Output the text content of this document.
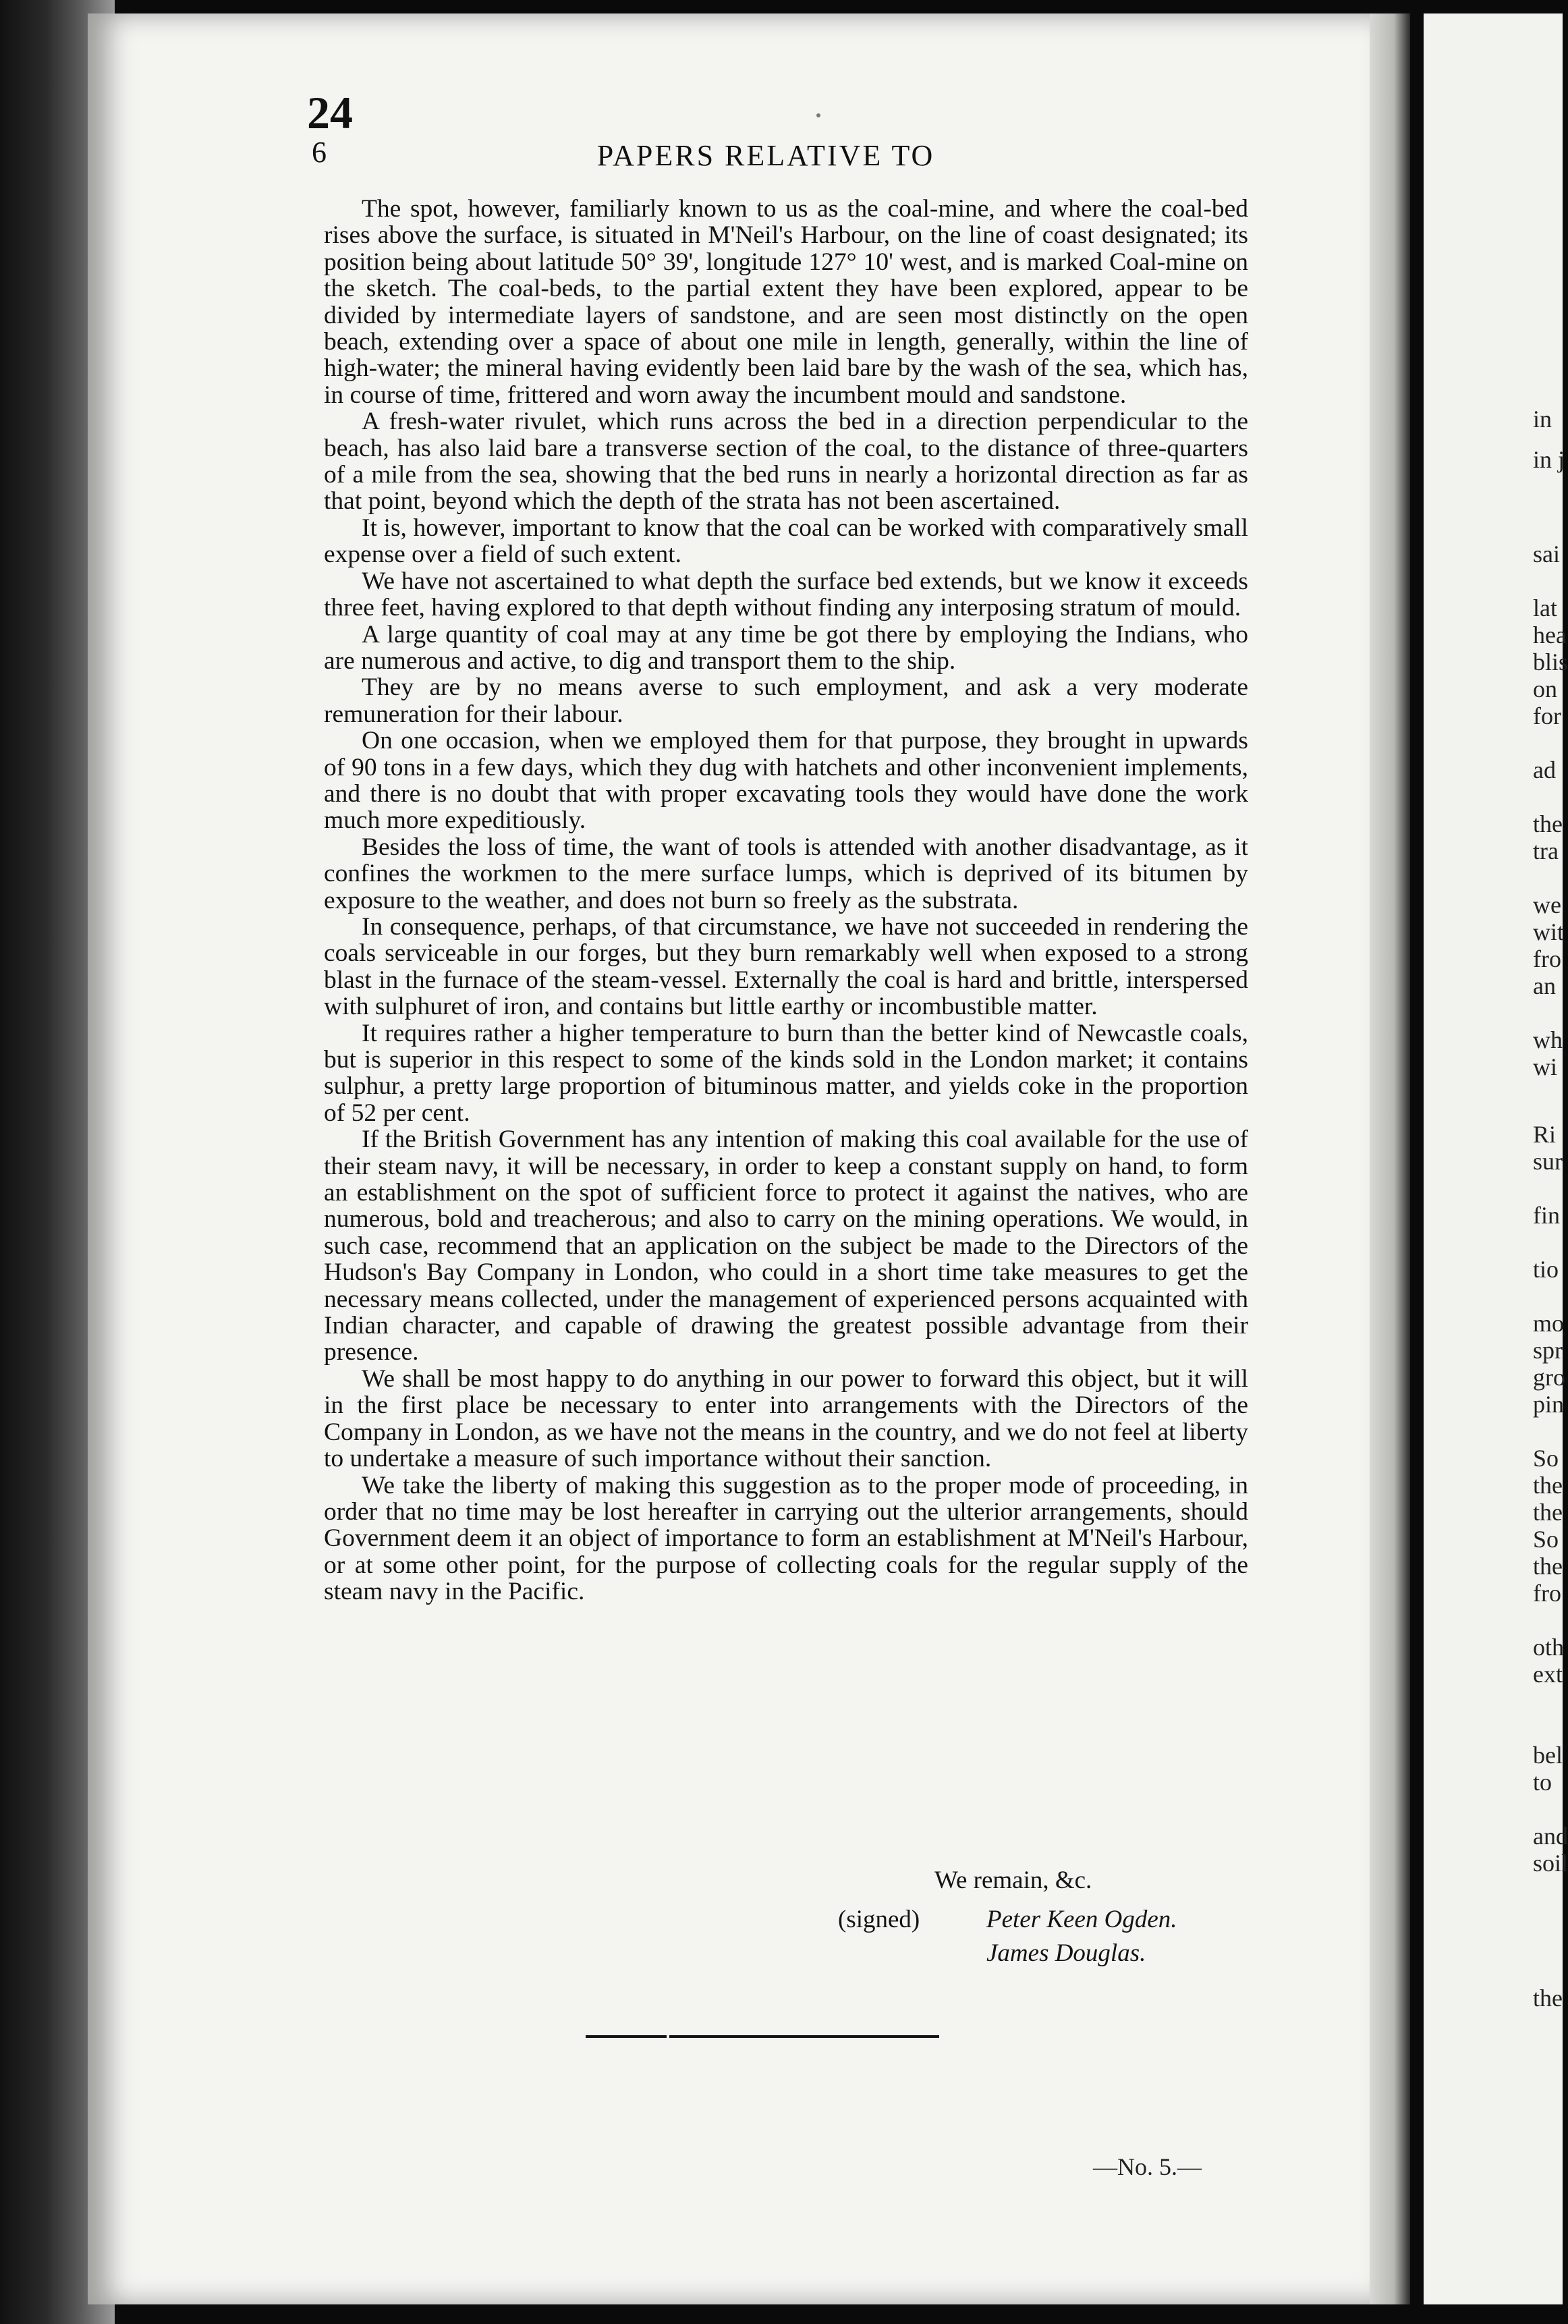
in
in j
sai
lat
hea
blis
on
for
ad
the
tra
we
wit
fro
an
wh
wi
Ri
sur
fin
tio
mo
spr
gro
pin
So
the
the
So
the
fro
oth
ext
bel
to
and
soil
the
24
6	PAPERS RELATIVE TO

The spot, however, familiarly known to us as the coal-mine, and where the coal-bed rises above the surface, is situated in M'Neil's Harbour, on the line of coast designated; its position being about latitude 50° 39', longitude 127° 10' west, and is marked Coal-mine on the sketch. The coal-beds, to the partial extent they have been explored, appear to be divided by intermediate layers of sandstone, and are seen most distinctly on the open beach, extending over a space of about one mile in length, generally, within the line of high-water; the mineral having evidently been laid bare by the wash of the sea, which has, in course of time, frittered and worn away the incumbent mould and sandstone.

A fresh-water rivulet, which runs across the bed in a direction perpendicular to the beach, has also laid bare a transverse section of the coal, to the distance of three-quarters of a mile from the sea, showing that the bed runs in nearly a horizontal direction as far as that point, beyond which the depth of the strata has not been ascertained.

It is, however, important to know that the coal can be worked with comparatively small expense over a field of such extent.

We have not ascertained to what depth the surface bed extends, but we know it exceeds three feet, having explored to that depth without finding any interposing stratum of mould.

A large quantity of coal may at any time be got there by employing the Indians, who are numerous and active, to dig and transport them to the ship.

They are by no means averse to such employment, and ask a very moderate remuneration for their labour.

On one occasion, when we employed them for that purpose, they brought in upwards of 90 tons in a few days, which they dug with hatchets and other inconvenient implements, and there is no doubt that with proper excavating tools they would have done the work much more expeditiously.

Besides the loss of time, the want of tools is attended with another disadvantage, as it confines the workmen to the mere surface lumps, which is deprived of its bitumen by exposure to the weather, and does not burn so freely as the substrata.

In consequence, perhaps, of that circumstance, we have not succeeded in rendering the coals serviceable in our forges, but they burn remarkably well when exposed to a strong blast in the furnace of the steam-vessel. Externally the coal is hard and brittle, interspersed with sulphuret of iron, and contains but little earthy or incombustible matter.

It requires rather a higher temperature to burn than the better kind of Newcastle coals, but is superior in this respect to some of the kinds sold in the London market; it contains sulphur, a pretty large proportion of bituminous matter, and yields coke in the proportion of 52 per cent.

If the British Government has any intention of making this coal available for the use of their steam navy, it will be necessary, in order to keep a constant supply on hand, to form an establishment on the spot of sufficient force to protect it against the natives, who are numerous, bold and treacherous; and also to carry on the mining operations. We would, in such case, recommend that an application on the subject be made to the Directors of the Hudson's Bay Company in London, who could in a short time take measures to get the necessary means collected, under the management of experienced persons acquainted with Indian character, and capable of drawing the greatest possible advantage from their presence.

We shall be most happy to do anything in our power to forward this object, but it will in the first place be necessary to enter into arrangements with the Directors of the Company in London, as we have not the means in the country, and we do not feel at liberty to undertake a measure of such importance without their sanction.

We take the liberty of making this suggestion as to the proper mode of proceeding, in order that no time may be lost hereafter in carrying out the ulterior arrangements, should Government deem it an object of importance to form an establishment at M'Neil's Harbour, or at some other point, for the purpose of collecting coals for the regular supply of the steam navy in the Pacific.

We remain, &c.
(signed)	Peter Keen Ogden.
James Douglas.
—No. 5.—
